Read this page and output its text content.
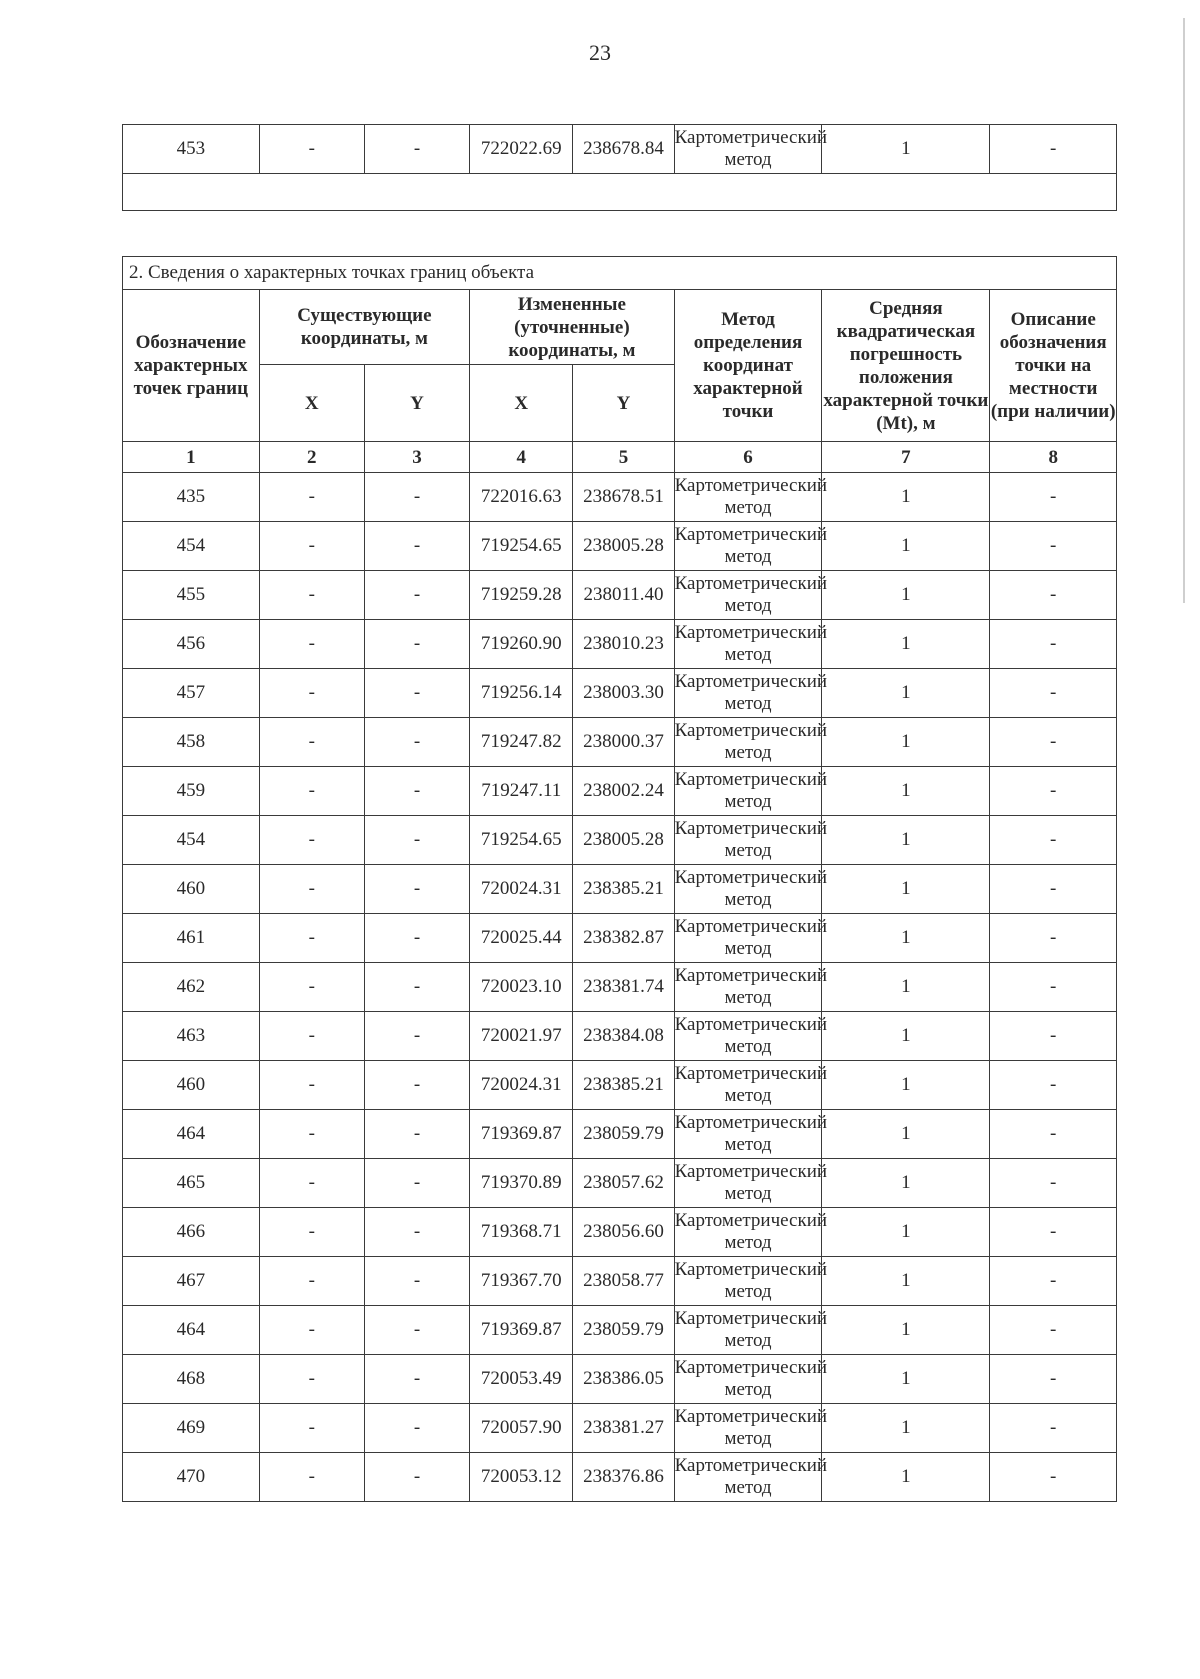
23
453	-	-	722022.69	238678.84	Картометрический метод	1	-

2. Сведения о характерных точках границ объекта							
Обозначение характерных точек границ	Существующие координаты, м		Измененные (уточненные) координаты, м		Метод определения координат характерной точки	Средняя квадратическая погрешность положения характерной точки (Mt), м	Описание обозначения точки на местности (при наличии)
	X	Y	X	Y			
1	2	3	4	5	6	7	8
435	-	-	722016.63	238678.51	Картометрический метод	1	-
454	-	-	719254.65	238005.28	Картометрический метод	1	-
455	-	-	719259.28	238011.40	Картометрический метод	1	-
456	-	-	719260.90	238010.23	Картометрический метод	1	-
457	-	-	719256.14	238003.30	Картометрический метод	1	-
458	-	-	719247.82	238000.37	Картометрический метод	1	-
459	-	-	719247.11	238002.24	Картометрический метод	1	-
454	-	-	719254.65	238005.28	Картометрический метод	1	-
460	-	-	720024.31	238385.21	Картометрический метод	1	-
461	-	-	720025.44	238382.87	Картометрический метод	1	-
462	-	-	720023.10	238381.74	Картометрический метод	1	-
463	-	-	720021.97	238384.08	Картометрический метод	1	-
460	-	-	720024.31	238385.21	Картометрический метод	1	-
464	-	-	719369.87	238059.79	Картометрический метод	1	-
465	-	-	719370.89	238057.62	Картометрический метод	1	-
466	-	-	719368.71	238056.60	Картометрический метод	1	-
467	-	-	719367.70	238058.77	Картометрический метод	1	-
464	-	-	719369.87	238059.79	Картометрический метод	1	-
468	-	-	720053.49	238386.05	Картометрический метод	1	-
469	-	-	720057.90	238381.27	Картометрический метод	1	-
470	-	-	720053.12	238376.86	Картометрический метод	1	-
